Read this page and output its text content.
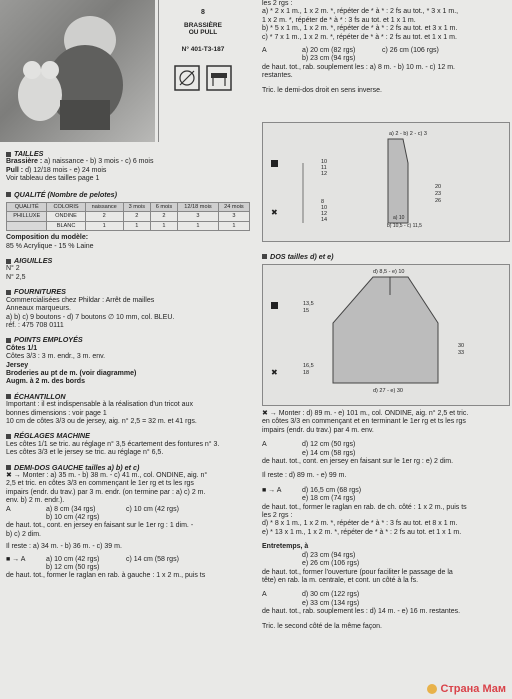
8
BRASSIÈRE
OU PULL
N° 401-T3-187
TAILLES
Brassière : a) naissance - b) 3 mois - c) 6 mois
Pull : d) 12/18 mois - e) 24 mois
Voir tableau des tailles page 1
QUALITÉ (Nombre de pelotes)
QUALITÉ	COLORIS	naissance	3 mois	6 mois	12/18 mois	24 mois
PHILLUXE	ONDINE	2	2	2	3	3
	BLANC	1	1	1	1	1
Composition du modèle:
85 % Acrylique - 15 % Laine
AIGUILLES
N° 2
N° 2,5
FOURNITURES
Commercialisées chez Phildar : Arrêt de mailles
Anneaux marqueurs.
a) b) c) 9 boutons - d) 7 boutons ∅ 10 mm, col. BLEU.
réf. : 475 708 0111
POINTS EMPLOYÉS
Côtes 1/1
Côtes 3/3 : 3 m. endr., 3 m. env.
Jersey
Broderies au pt de m. (voir diagramme)
Augm. à 2 m. des bords
ÉCHANTILLON
Important : il est indispensable à la réalisation d'un tricot aux
bonnes dimensions : voir page 1
10 cm de côtes 3/3 ou de jersey, aig. n° 2,5 = 32 m. et 41 rgs.
RÉGLAGES MACHINE
Les côtes 1/1 se tric. au réglage n° 3,5 écartement des fontures n° 3.
Les côtes 3/3 et le jersey se tric. au réglage n° 6,5.
DEMI-DOS GAUCHE tailles a) b) et c)
✖ → Monter : a) 35 m. - b) 38 m. - c) 41 m., col. ONDINE, aig. n°
2,5 et tric. en côtes 3/3 en commençant le 1er rg et ts les rgs
impairs (endr. du trav.) par 3 m. endr. (on termine par : a) c) 2 m.
env. b) 2 m. endr.).
A	a) 8 cm (34 rgs)	c) 10 cm (42 rgs)
b) 10 cm (42 rgs)
de haut. tot., cont. en jersey en faisant sur le 1er rg : 1 dim. -
b) c) 2 dim.
Il reste : a) 34 m. - b) 36 m. - c) 39 m.
■ → A	a) 10 cm (42 rgs)	c) 14 cm (58 rgs)
b) 12 cm (50 rgs)
de haut. tot., former le raglan en rab. à gauche : 1 x 2 m., puis ts
les 2 rgs :
a) * 2 x 1 m., 1 x 2 m. *, répéter de * à * : 2 fs au tot., * 3 x 1 m.,
1 x 2 m. *, répéter de * à * : 3 fs au tot. et 1 x 1 m.
b) * 5 x 1 m., 1 x 2 m. *, répéter de * à * : 2 fs au tot. et 3 x 1 m.
c) * 7 x 1 m., 1 x 2 m. *, répéter de * à * : 2 fs au tot. et 1 x 1 m.
A	a) 20 cm (82 rgs)	c) 26 cm (106 rgs)
b) 23 cm (94 rgs)
de haut. tot., rab. souplement les : a) 8 m. - b) 10 m. - c) 12 m.
restantes.
Tric. le demi-dos droit en sens inverse.
a) 2 - b) 2 - c) 3
10
11
12
8
10
12
14
20
23
26
a) 10
b) 10,5 - c) 11,5
✖
DOS tailles d) et e)
d) 8,5 - e) 10
13,5
15
16,5
18
30
33
d) 27 - e) 30
✖
✖ → Monter : d) 89 m. - e) 101 m., col. ONDINE, aig. n° 2,5 et tric.
en côtes 3/3 en commençant et en terminant le 1er rg et ts les rgs
impairs (endr. du trav.) par 4 m. env.
A	d) 12 cm (50 rgs)
e) 14 cm (58 rgs)
de haut. tot., cont. en jersey en faisant sur le 1er rg : e) 2 dim.
Il reste : d) 89 m. - e) 99 m.
■ → A	d) 16,5 cm (68 rgs)
e) 18 cm (74 rgs)
de haut. tot., former le raglan en rab. de ch. côté : 1 x 2 m., puis ts
les 2 rgs :
d) * 8 x 1 m., 1 x 2 m. *, répéter de * à * : 3 fs au tot. et 8 x 1 m.
e) * 13 x 1 m., 1 x 2 m. *, répéter de * à * : 2 fs au tot. et 1 x 1 m.
Entretemps, à
d) 23 cm (94 rgs)
e) 26 cm (106 rgs)
de haut. tot., former l'ouverture (pour faciliter le passage de la
tête) en rab. la m. centrale, et cont. un côté à la fs.
A	d) 30 cm (122 rgs)
e) 33 cm (134 rgs)
de haut. tot., rab. souplement les : d) 14 m. - e) 16 m. restantes.
Tric. le second côté de la même façon.
Страна Мам
